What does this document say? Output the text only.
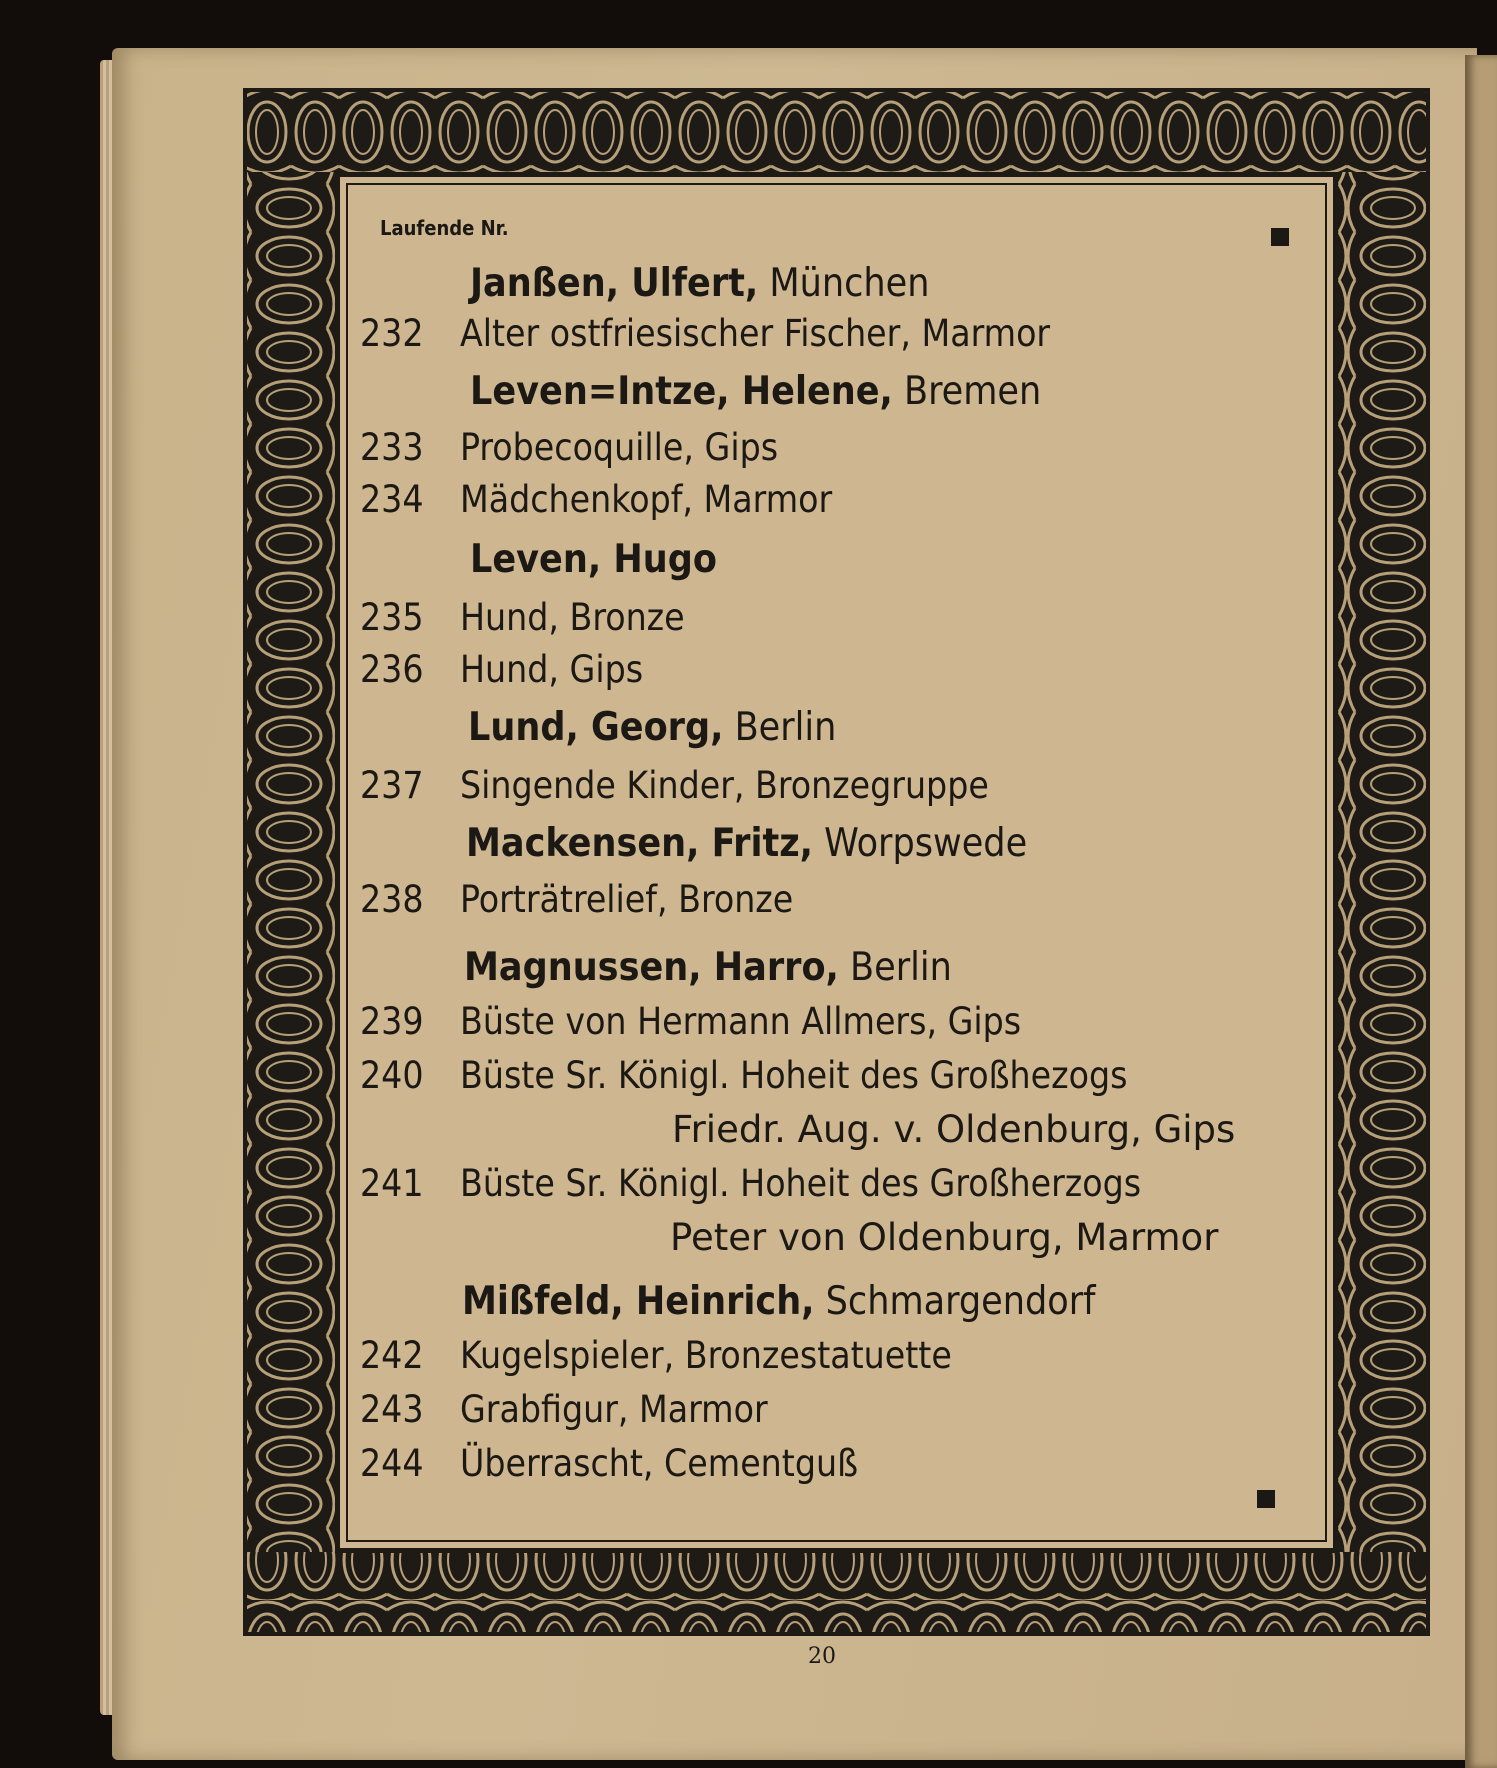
Laufende Nr.
Janßen, Ulfert, München
232 Alter ostfriesischer Fischer, Marmor
Leven=Intze, Helene, Bremen
233 Probecoquille, Gips
234 Mädchenkopf, Marmor
Leven, Hugo
235 Hund, Bronze
236 Hund, Gips
Lund, Georg, Berlin
237 Singende Kinder, Bronzegruppe
Mackensen, Fritz, Worpswede
238 Porträtrelief, Bronze
Magnussen, Harro, Berlin
239 Büste von Hermann Allmers, Gips
240 Büste Sr. Königl. Hoheit des Großhezogs
Friedr. Aug. v. Oldenburg, Gips
241 Büste Sr. Königl. Hoheit des Großherzogs
Peter von Oldenburg, Marmor
Mißfeld, Heinrich, Schmargendorf
242 Kugelspieler, Bronzestatuette
243 Grabfigur, Marmor
244 Überrascht, Cementguß
20
